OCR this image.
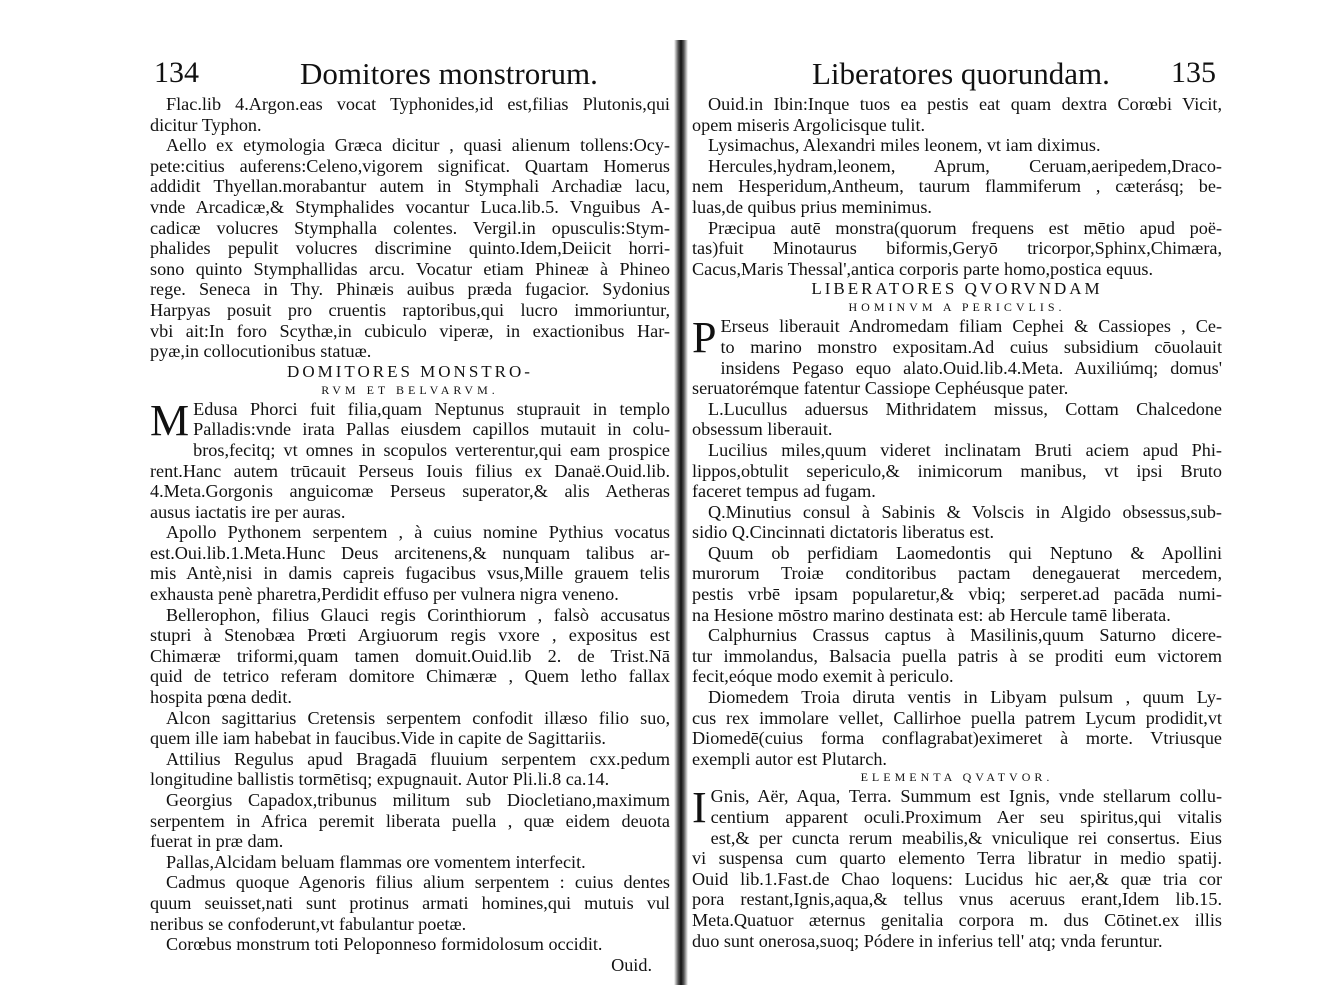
134	Domitores monstrorum.
Flac.lib 4.Argon.eas vocat Typhonides,id est,filias Plutonis,qui
dicitur Typhon.
Aello ex etymologia Græca dicitur , quasi alienum tollens:Ocy-
pete:citius auferens:Celeno,vigorem significat. Quartam Homerus
addidit Thyellan.morabantur autem in Stymphali Archadiæ lacu,
vnde Arcadicæ,& Stymphalides vocantur Luca.lib.5. Vnguibus A-
cadicæ volucres Stymphalla colentes. Vergil.in opusculis:Stym-
phalides pepulit volucres discrimine quinto.Idem,Deiicit horri-
sono quinto Stymphallidas arcu. Vocatur etiam Phineæ à Phineo
rege. Seneca in Thy. Phinæis auibus præda fugacior. Sydonius
Harpyas posuit pro cruentis raptoribus,qui lucro immoriuntur,
vbi ait:In foro Scythæ,in cubiculo viperæ, in exactionibus Har-
pyæ,in collocutionibus statuæ.
DOMITORES MONSTRO-
RVM ET BELVARVM.
M Edusa Phorci fuit filia,quam Neptunus stuprauit in templo
Palladis:vnde irata Pallas eiusdem capillos mutauit in colu-
bros,fecitq; vt omnes in scopulos verterentur,qui eam prospice
rent.Hanc autem trūcauit Perseus Iouis filius ex Danaë.Ouid.lib.
4.Meta.Gorgonis anguicomæ Perseus superator,& alis Aetheras
ausus iactatis ire per auras.
Apollo Pythonem serpentem , à cuius nomine Pythius vocatus
est.Oui.lib.1.Meta.Hunc Deus arcitenens,& nunquam talibus ar-
mis Antè,nisi in damis capreis fugacibus vsus,Mille grauem telis
exhausta penè pharetra,Perdidit effuso per vulnera nigra veneno.
Bellerophon, filius Glauci regis Corinthiorum , falsò accusatus
stupri à Stenobæa Prœti Argiuorum regis vxore , expositus est
Chimæræ triformi,quam tamen domuit.Ouid.lib 2. de Trist.Nā
quid de tetrico referam domitore Chimæræ , Quem letho fallax
hospita pœna dedit.
Alcon sagittarius Cretensis serpentem confodit illæso filio suo,
quem ille iam habebat in faucibus.Vide in capite de Sagittariis.
Attilius Regulus apud Bragadā fluuium serpentem cxx.pedum
longitudine ballistis tormētisq; expugnauit. Autor Pli.li.8 ca.14.
Georgius Capadox,tribunus militum sub Diocletiano,maximum
serpentem in Africa peremit liberata puella , quæ eidem deuota
fuerat in præ dam.
Pallas,Alcidam beluam flammas ore vomentem interfecit.
Cadmus quoque Agenoris filius alium serpentem : cuius dentes
quum seuisset,nati sunt protinus armati homines,qui mutuis vul
neribus se confoderunt,vt fabulantur poetæ.
Corœbus monstrum toti Peloponneso formidolosum occidit.
Ouid.
Liberatores quorundam. 135
Ouid.in Ibin:Inque tuos ea pestis eat quam dextra Corœbi Vicit,
opem miseris Argolicisque tulit.
Lysimachus, Alexandri miles leonem, vt iam diximus.
Hercules,hydram,leonem, Aprum, Ceruam,aeripedem,Draco-
nem Hesperidum,Antheum, taurum flammiferum , cæterásq; be-
luas,de quibus prius meminimus.
Præcipua autē monstra(quorum frequens est mētio apud poë-
tas)fuit Minotaurus biformis,Geryō tricorpor,Sphinx,Chimæra,
Cacus,Maris Thessal',antica corporis parte homo,postica equus.
LIBERATORES QVORVNDAM
HOMINVM A PERICVLIS.
P Erseus liberauit Andromedam filiam Cephei & Cassiopes , Ce-
to marino monstro expositam.Ad cuius subsidium cōuolauit
insidens Pegaso equo alato.Ouid.lib.4.Meta. Auxiliúmq; domus'
seruatorémque fatentur Cassiope Cephéusque pater.
L.Lucullus aduersus Mithridatem missus, Cottam Chalcedone
obsessum liberauit.
Lucilius miles,quum videret inclinatam Bruti aciem apud Phi-
lippos,obtulit sepericulo,& inimicorum manibus, vt ipsi Bruto
faceret tempus ad fugam.
Q.Minutius consul à Sabinis & Volscis in Algido obsessus,sub-
sidio Q.Cincinnati dictatoris liberatus est.
Quum ob perfidiam Laomedontis qui Neptuno & Apollini
murorum Troiæ conditoribus pactam denegauerat mercedem,
pestis vrbē ipsam popularetur,& vbiq; serperet.ad pacāda numi-
na Hesione mōstro marino destinata est: ab Hercule tamē liberata.
Calphurnius Crassus captus à Masilinis,quum Saturno dicere-
tur immolandus, Balsacia puella patris à se proditi eum victorem
fecit,eóque modo exemit à periculo.
Diomedem Troia diruta ventis in Libyam pulsum , quum Ly-
cus rex immolare vellet, Callirhoe puella patrem Lycum prodidit,vt
Diomedē(cuius forma conflagrabat)eximeret à morte. Vtriusque
exempli autor est Plutarch.
ELEMENTA QVATVOR.
I Gnis, Aër, Aqua, Terra. Summum est Ignis, vnde stellarum collu-
centium apparent oculi.Proximum Aer seu spiritus,qui vitalis
est,& per cuncta rerum meabilis,& vniculique rei consertus. Eius
vi suspensa cum quarto elemento Terra libratur in medio spatij.
Ouid lib.1.Fast.de Chao loquens: Lucidus hic aer,& quæ tria cor
pora restant,Ignis,aqua,& tellus vnus aceruus erant,Idem lib.15.
Meta.Quatuor æternus genitalia corpora m. dus Cōtinet.ex illis
duo sunt onerosa,suoq; Pódere in inferius tell' atq; vnda feruntur.
